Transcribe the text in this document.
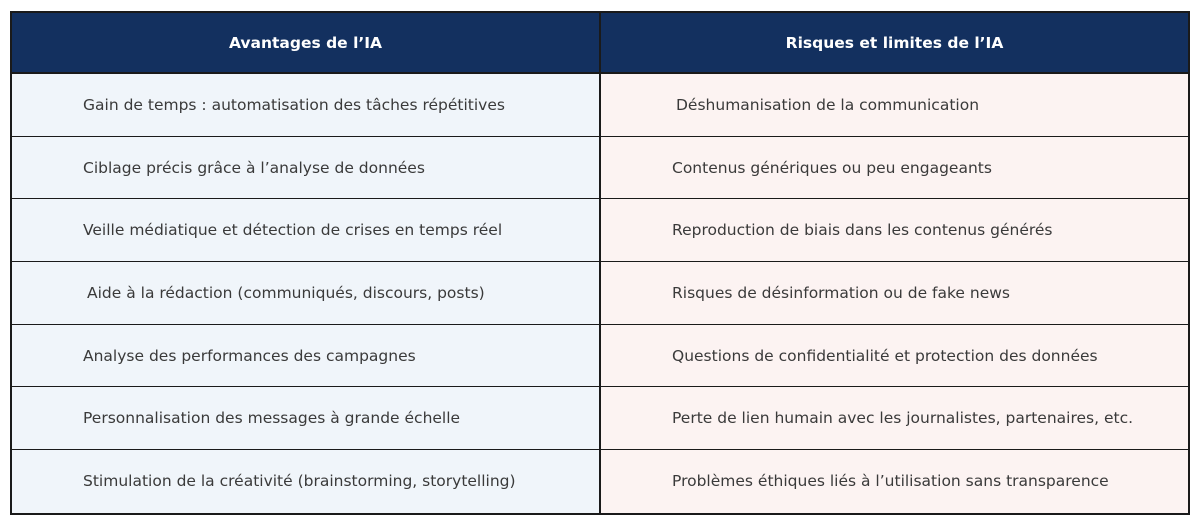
Avantages de l’IA	Risques et limites de l’IA
Gain de temps : automatisation des tâches répétitives	Déshumanisation de la communication
Ciblage précis grâce à l’analyse de données	Contenus génériques ou peu engageants
Veille médiatique et détection de crises en temps réel	Reproduction de biais dans les contenus générés
Aide à la rédaction (communiqués, discours, posts)	Risques de désinformation ou de fake news
Analyse des performances des campagnes	Questions de confidentialité et protection des données
Personnalisation des messages à grande échelle	Perte de lien humain avec les journalistes, partenaires, etc.
Stimulation de la créativité (brainstorming, storytelling)	Problèmes éthiques liés à l’utilisation sans transparence
